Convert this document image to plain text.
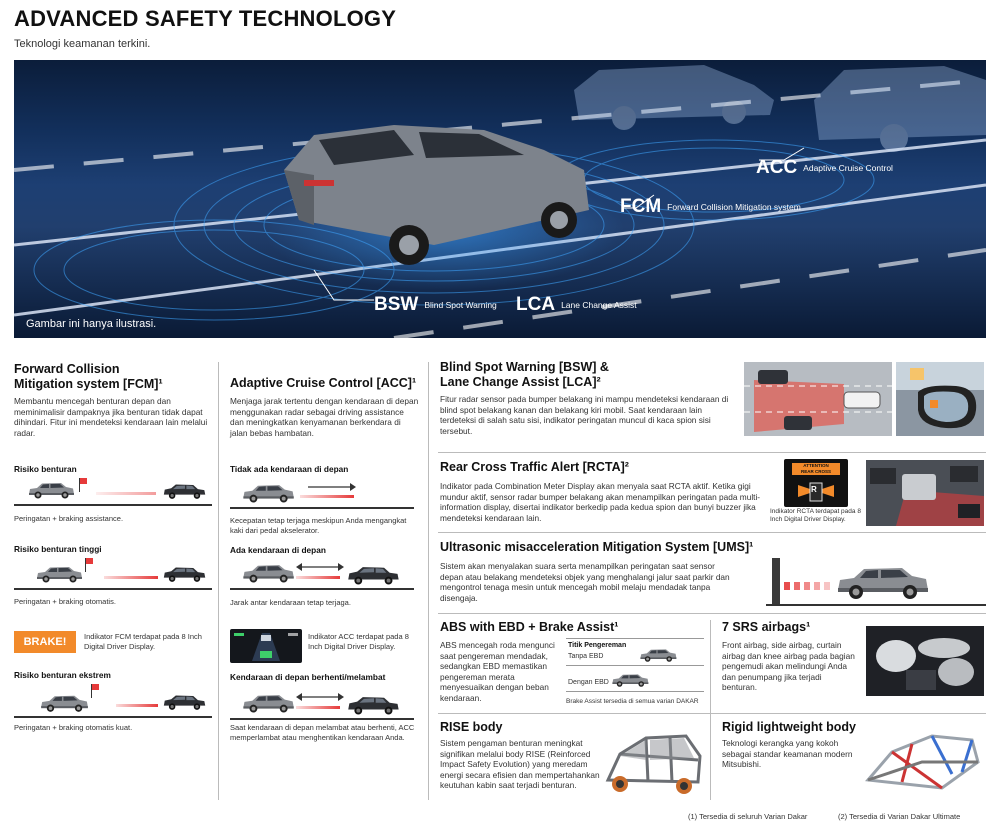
ADVANCED SAFETY TECHNOLOGY
Teknologi keamanan terkini.
ACC Adaptive Cruise Control
FCM Forward Collision Mitigation system
BSW Blind Spot Warning LCA Lane Change Assist
Gambar ini hanya ilustrasi.
Forward Collision
Mitigation system [FCM]¹
Membantu mencegah benturan depan dan meminimalisir dampaknya jika benturan tidak dapat dihindari. Fitur ini mendeteksi kendaraan lain melalui radar.
Risiko benturan
Peringatan + braking assistance.
Risiko benturan tinggi
Peringatan + braking otomatis.
BRAKE!	Indikator FCM terdapat pada 8 Inch Digital Driver Display.
Risiko benturan ekstrem
Peringatan + braking otomatis kuat.
Adaptive Cruise Control [ACC]¹
Menjaga jarak tertentu dengan kendaraan di depan menggunakan radar sebagai driving assistance dan meningkatkan kenyamanan berkendara di jalan bebas hambatan.
Tidak ada kendaraan di depan
Kecepatan tetap terjaga meskipun Anda mengangkat kaki dari pedal akselerator.
Ada kendaraan di depan
Jarak antar kendaraan tetap terjaga.
Indikator ACC terdapat pada 8 Inch Digital Driver Display.
Kendaraan di depan berhenti/melambat
Saat kendaraan di depan melambat atau berhenti, ACC memperlambat atau menghentikan kendaraan Anda.
Blind Spot Warning [BSW] &
Lane Change Assist [LCA]²
Fitur radar sensor pada bumper belakang ini mampu mendeteksi kendaraan di blind spot belakang kanan dan belakang kiri mobil. Saat kendaraan lain terdeteksi di salah satu sisi, indikator peringatan muncul di kaca spion sisi tersebut.
Rear Cross Traffic Alert [RCTA]²
Indikator pada Combination Meter Display akan menyala saat RCTA aktif. Ketika gigi mundur aktif, sensor radar bumper belakang akan menampilkan peringatan pada multi-information display, disertai indikator berkedip pada kedua spion dan bunyi buzzer jika mendeteksi kendaraan lain.
ATTENTION
REAR CROSS TRAFFIC
R
Indikator RCTA terdapat pada 8 Inch Digital Driver Display.
Ultrasonic misacceleration Mitigation System [UMS]¹
Sistem akan menyalakan suara serta menampilkan peringatan saat sensor depan atau belakang mendeteksi objek yang menghalangi jalur saat parkir dan mengontrol tenaga mesin untuk mencegah mobil melaju mendadak tanpa disengaja.
ABS with EBD + Brake Assist¹
ABS mencegah roda mengunci saat pengereman mendadak, sedangkan EBD memastikan pengereman merata menyesuaikan dengan beban kendaraan.
Titik Pengereman
Tanpa EBD
Dengan EBD
Brake Assist tersedia di semua varian DAKAR
7 SRS airbags¹
Front airbag, side airbag, curtain airbag dan knee airbag pada bagian pengemudi akan melindungi Anda dan penumpang jika terjadi benturan.
RISE body
Sistem pengaman benturan meningkat signifikan melalui body RISE (Reinforced Impact Safety Evolution) yang meredam energi secara efisien dan mempertahankan keutuhan kabin saat terjadi benturan.
Rigid lightweight body
Teknologi kerangka yang kokoh sebagai standar keamanan modern Mitsubishi.
(1) Tersedia di seluruh Varian Dakar	(2) Tersedia di Varian Dakar Ultimate
